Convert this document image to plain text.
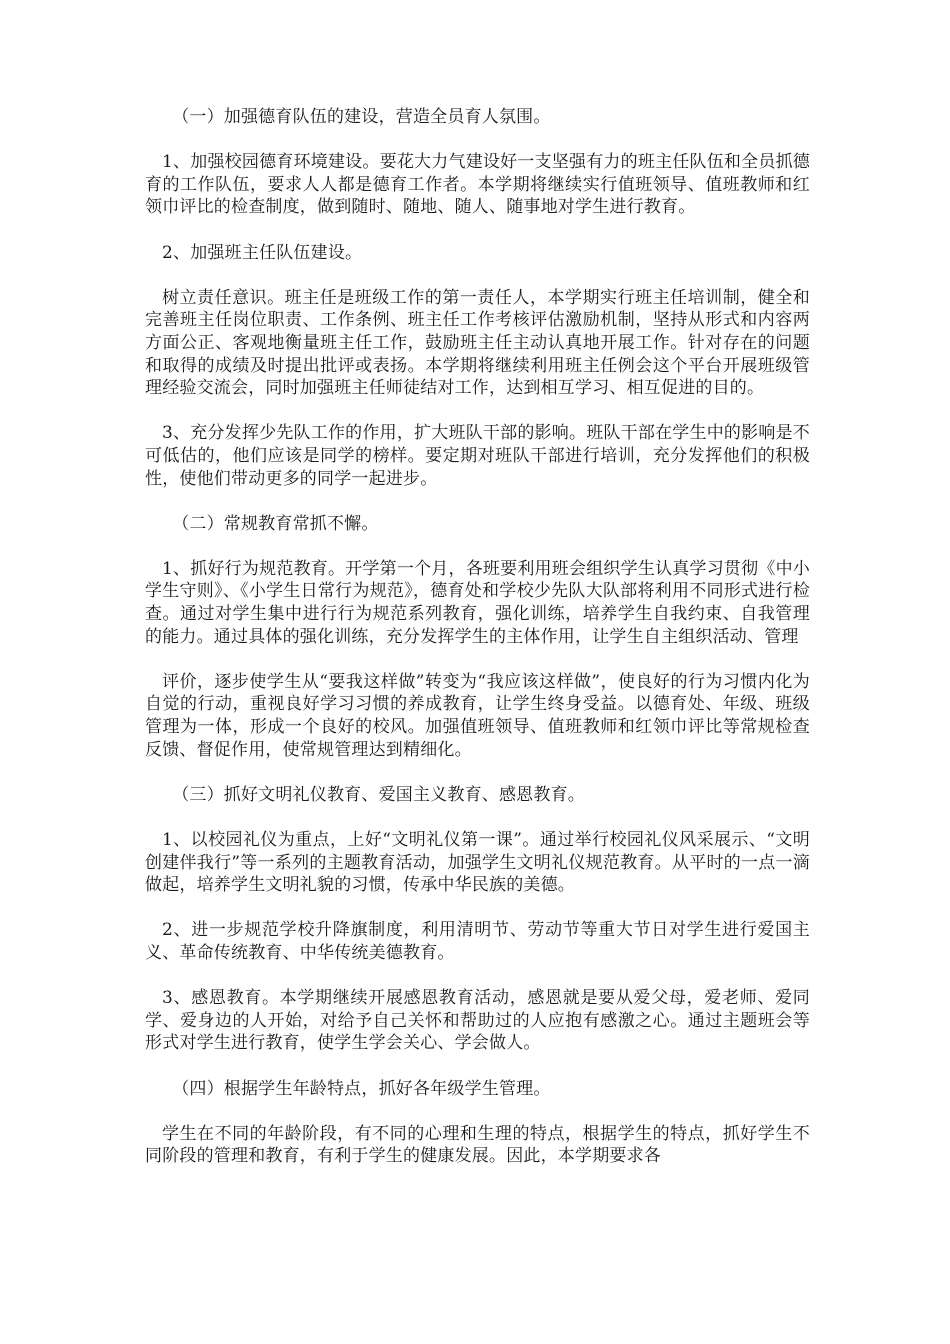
（一）加强德育队伍的建设，营造全员育人氛围。

1、加强校园德育环境建设。要花大力气建设好一支坚强有力的班主任队伍和全员抓德育的工作队伍，要求人人都是德育工作者。本学期将继续实行值班领导、值班教师和红领巾评比的检查制度，做到随时、随地、随人、随事地对学生进行教育。

2、加强班主任队伍建设。

树立责任意识。班主任是班级工作的第一责任人，本学期实行班主任培训制，健全和完善班主任岗位职责、工作条例、班主任工作考核评估激励机制，坚持从形式和内容两方面公正、客观地衡量班主任工作，鼓励班主任主动认真地开展工作。针对存在的问题和取得的成绩及时提出批评或表扬。本学期将继续利用班主任例会这个平台开展班级管理经验交流会，同时加强班主任师徒结对工作，达到相互学习、相互促进的目的。

3、充分发挥少先队工作的作用，扩大班队干部的影响。班队干部在学生中的影响是不可低估的，他们应该是同学的榜样。要定期对班队干部进行培训，充分发挥他们的积极性，使他们带动更多的同学一起进步。

（二）常规教育常抓不懈。

1、抓好行为规范教育。开学第一个月，各班要利用班会组织学生认真学习贯彻《中小学生守则》、《小学生日常行为规范》，德育处和学校少先队大队部将利用不同形式进行检查。通过对学生集中进行行为规范系列教育，强化训练，培养学生自我约束、自我管理的能力。通过具体的强化训练，充分发挥学生的主体作用，让学生自主组织活动、管理

评价，逐步使学生从“要我这样做”转变为“我应该这样做”，使良好的行为习惯内化为自觉的行动，重视良好学习习惯的养成教育，让学生终身受益。以德育处、年级、班级管理为一体，形成一个良好的校风。加强值班领导、值班教师和红领巾评比等常规检查反馈、督促作用，使常规管理达到精细化。

（三）抓好文明礼仪教育、爱国主义教育、感恩教育。

1、以校园礼仪为重点，上好“文明礼仪第一课”。通过举行校园礼仪风采展示、“文明创建伴我行”等一系列的主题教育活动，加强学生文明礼仪规范教育。从平时的一点一滴做起，培养学生文明礼貌的习惯，传承中华民族的美德。

2、进一步规范学校升降旗制度，利用清明节、劳动节等重大节日对学生进行爱国主义、革命传统教育、中华传统美德教育。

3、感恩教育。本学期继续开展感恩教育活动，感恩就是要从爱父母，爱老师、爱同学、爱身边的人开始，对给予自己关怀和帮助过的人应抱有感激之心。通过主题班会等形式对学生进行教育，使学生学会关心、学会做人。

（四）根据学生年龄特点，抓好各年级学生管理。

学生在不同的年龄阶段，有不同的心理和生理的特点，根据学生的特点，抓好学生不同阶段的管理和教育，有利于学生的健康发展。因此，本学期要求各
